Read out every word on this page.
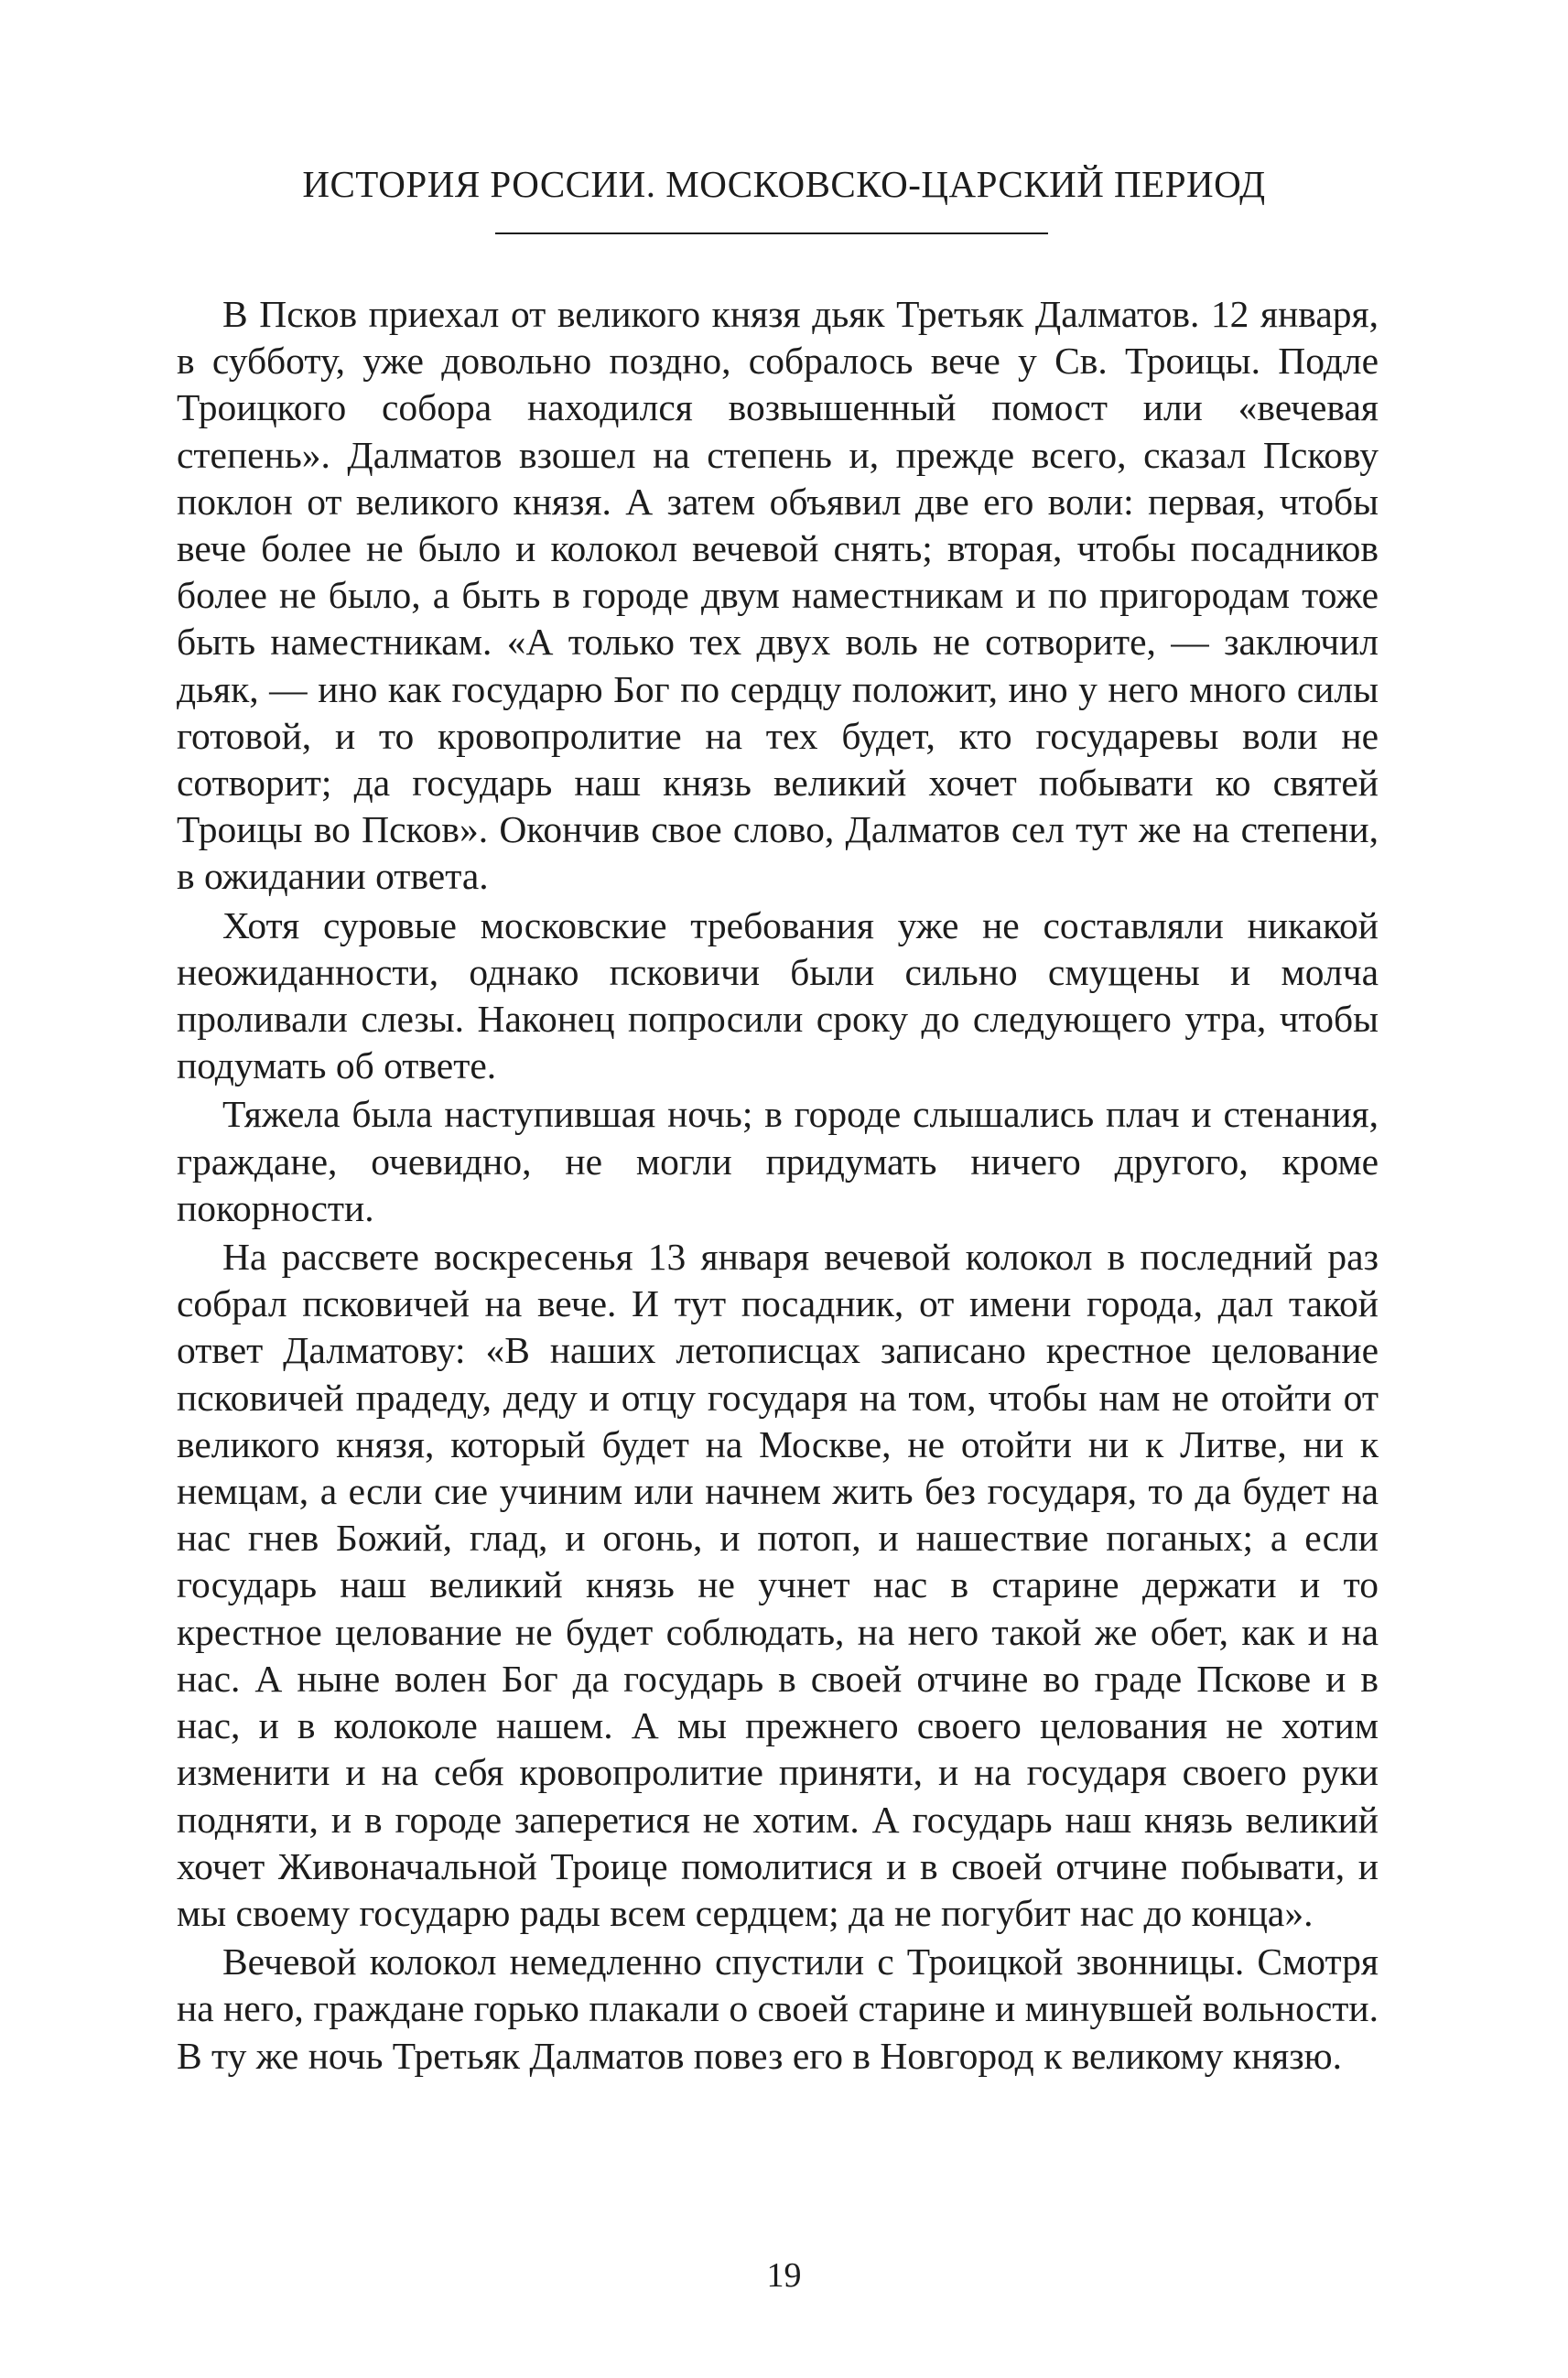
ИСТОРИЯ РОССИИ. МОСКОВСКО-ЦАРСКИЙ ПЕРИОД

В Псков приехал от великого князя дьяк Третьяк Далматов. 12 января, в субботу, уже довольно поздно, собралось вече у Св. Троицы. Подле Троицкого собора находился возвышенный помост или «вечевая степень». Далматов взошел на степень и, прежде всего, сказал Пскову поклон от великого князя. А затем объявил две его воли: первая, чтобы вече более не было и колокол вечевой снять; вторая, чтобы посадников более не было, а быть в городе двум наместникам и по пригородам тоже быть наместникам. «А только тех двух воль не сотворите, — заключил дьяк, — ино как государю Бог по сердцу положит, ино у него много силы готовой, и то кровопролитие на тех будет, кто государевы воли не сотворит; да государь наш князь великий хочет побывати ко святей Троицы во Псков». Окончив свое слово, Далматов сел тут же на степени, в ожидании ответа.

Хотя суровые московские требования уже не составляли никакой неожиданности, однако псковичи были сильно смущены и молча проливали слезы. Наконец попросили сроку до следующего утра, чтобы подумать об ответе.

Тяжела была наступившая ночь; в городе слышались плач и стенания, граждане, очевидно, не могли придумать ничего другого, кроме покорности.

На рассвете воскресенья 13 января вечевой колокол в последний раз собрал псковичей на вече. И тут посадник, от имени города, дал такой ответ Далматову: «В наших летописцах записано крестное целование псковичей прадеду, деду и отцу государя на том, чтобы нам не отойти от великого князя, который будет на Москве, не отойти ни к Литве, ни к немцам, а если сие учиним или начнем жить без государя, то да будет на нас гнев Божий, глад, и огонь, и потоп, и нашествие поганых; а если государь наш великий князь не учнет нас в старине держати и то крестное целование не будет соблюдать, на него такой же обет, как и на нас. А ныне волен Бог да государь в своей отчине во граде Пскове и в нас, и в колоколе нашем. А мы прежнего своего целования не хотим изменити и на себя кровопролитие приняти, и на государя своего руки подняти, и в городе заперетися не хотим. А государь наш князь великий хочет Живоначальной Троице помолитися и в своей отчине побывати, и мы своему государю рады всем сердцем; да не погубит нас до конца».

Вечевой колокол немедленно спустили с Троицкой звонницы. Смотря на него, граждане горько плакали о своей старине и минувшей вольности. В ту же ночь Третьяк Далматов повез его в Новгород к великому князю.

19
